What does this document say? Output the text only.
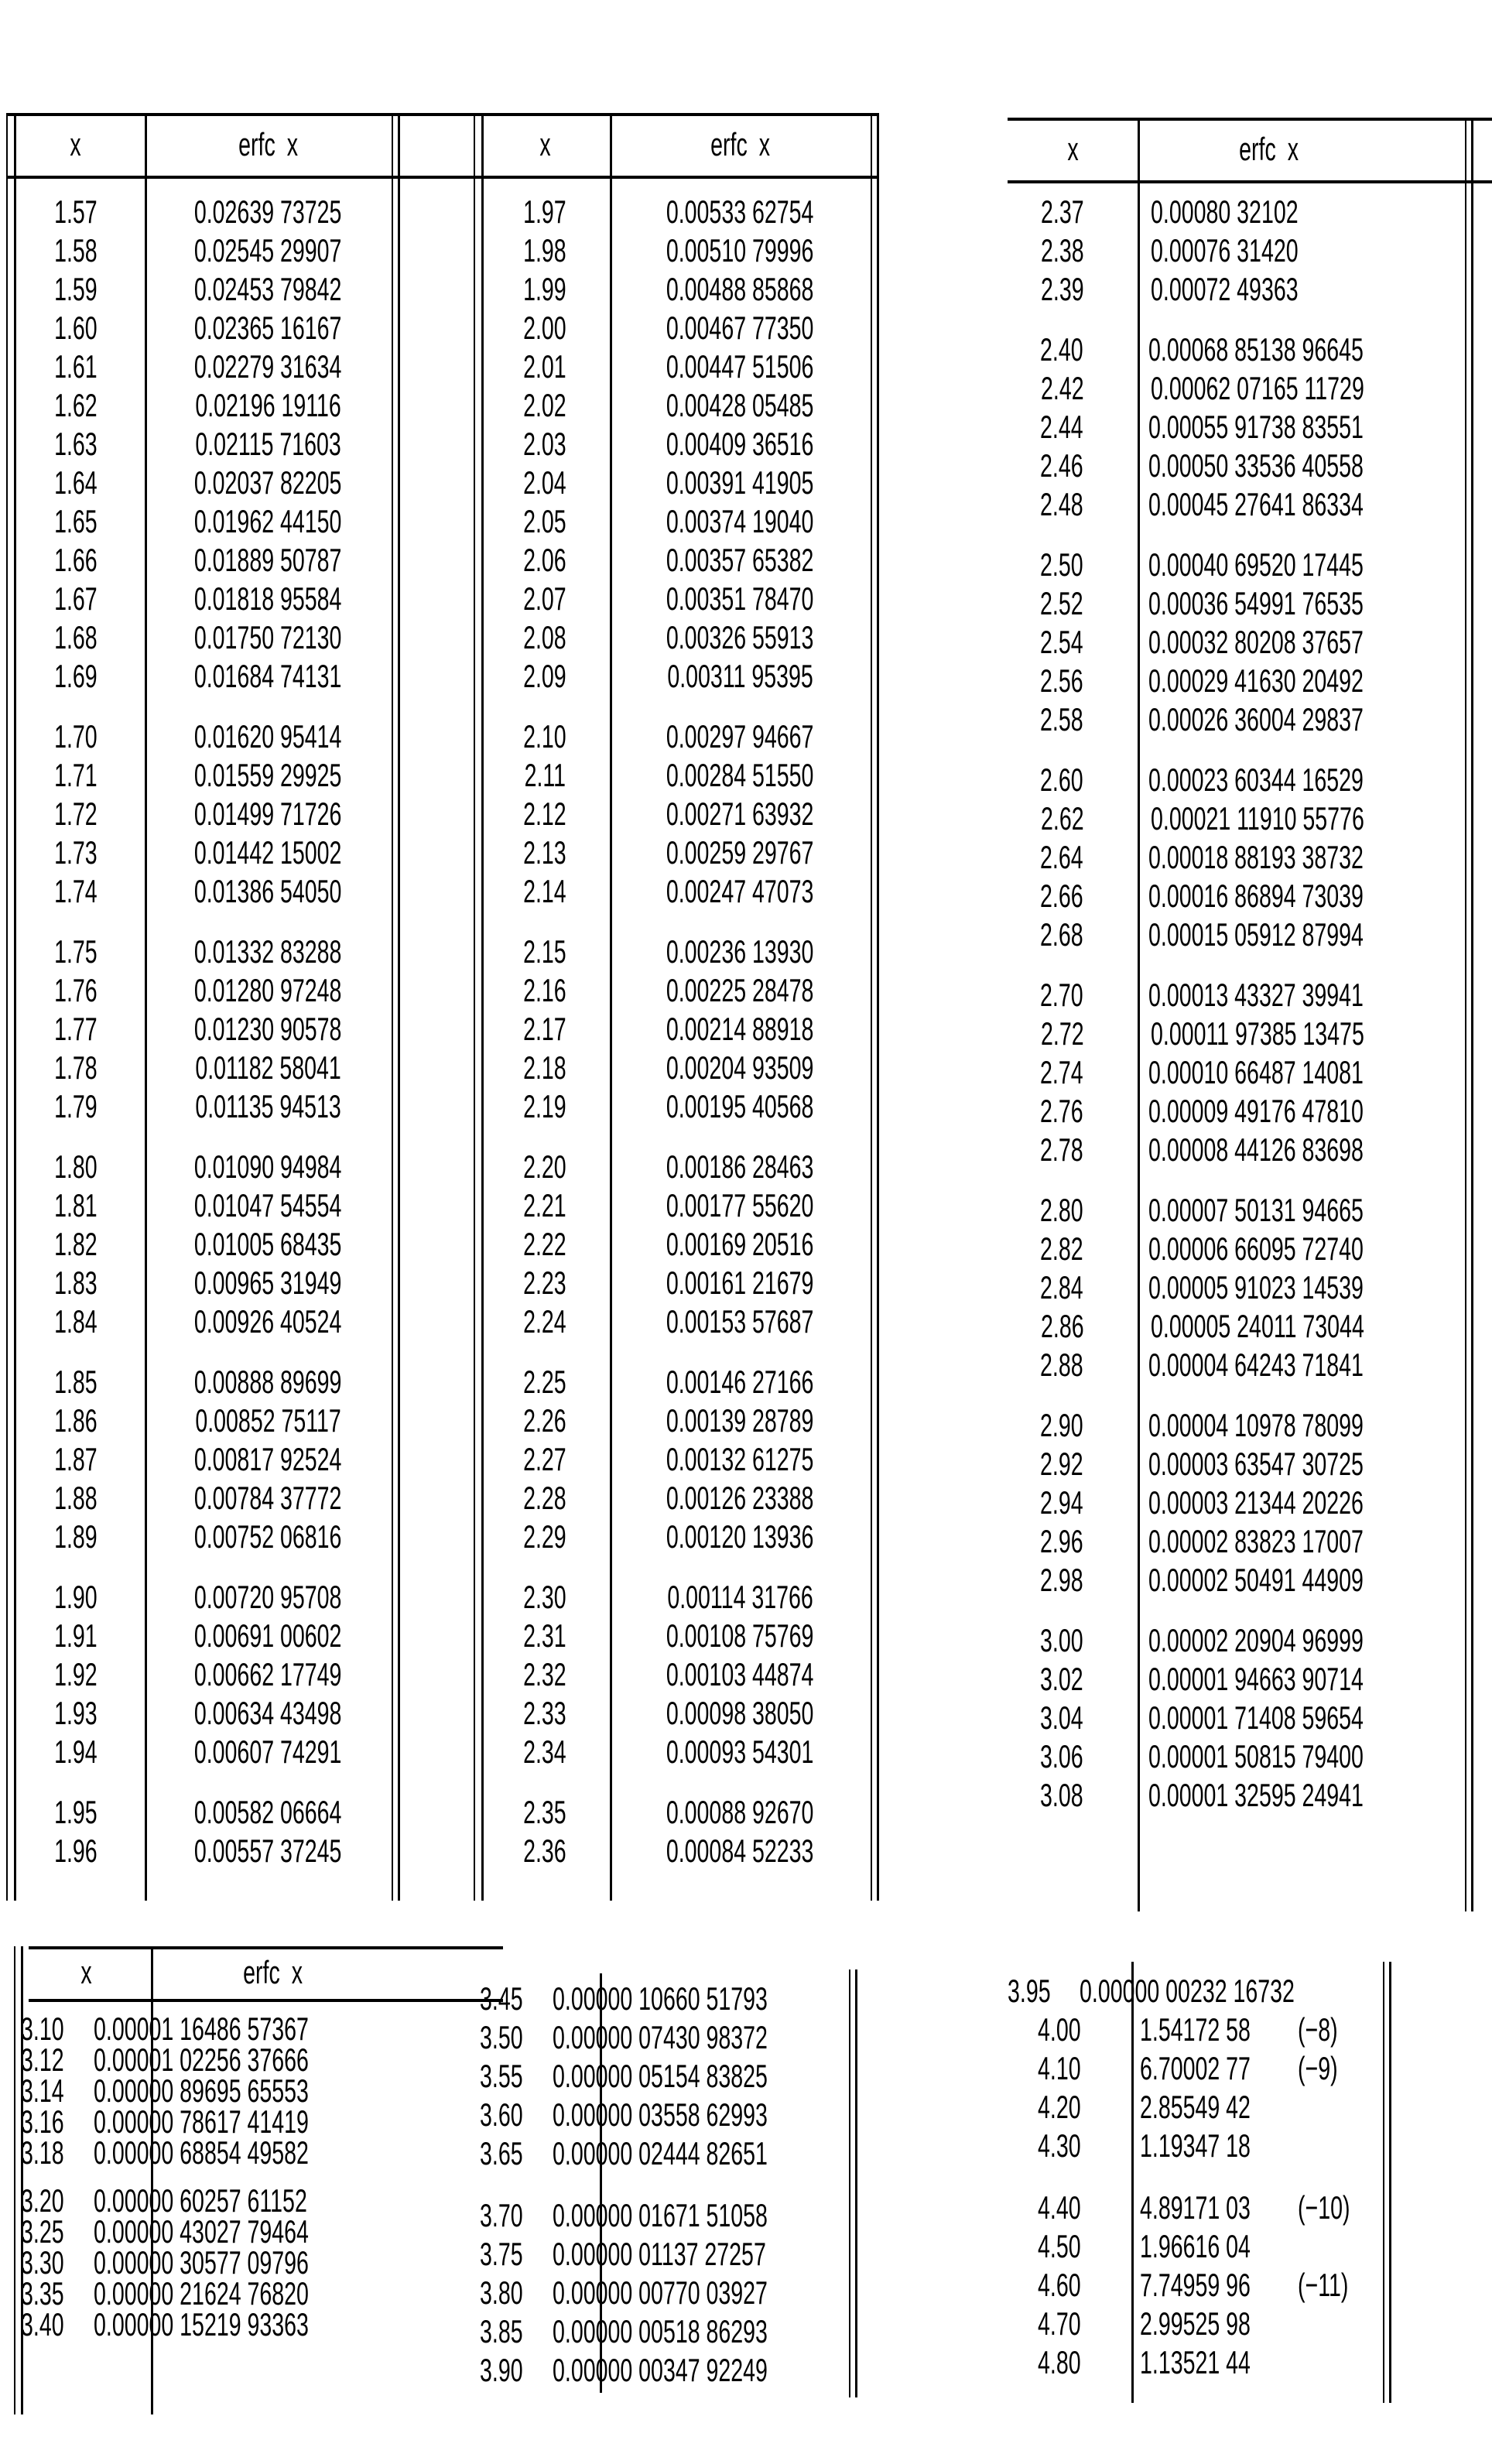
x	erfc x	x	erfc x	x	erfc x
x	erfc x
1.57	0.02639 73725
1.58	0.02545 29907
1.59	0.02453 79842
1.60	0.02365 16167
1.61	0.02279 31634
1.62	0.02196 19116
1.63	0.02115 71603
1.64	0.02037 82205
1.65	0.01962 44150
1.66	0.01889 50787
1.67	0.01818 95584
1.68	0.01750 72130
1.69	0.01684 74131
1.70	0.01620 95414
1.71	0.01559 29925
1.72	0.01499 71726
1.73	0.01442 15002
1.74	0.01386 54050
1.75	0.01332 83288
1.76	0.01280 97248
1.77	0.01230 90578
1.78	0.01182 58041
1.79	0.01135 94513
1.80	0.01090 94984
1.81	0.01047 54554
1.82	0.01005 68435
1.83	0.00965 31949
1.84	0.00926 40524
1.85	0.00888 89699
1.86	0.00852 75117
1.87	0.00817 92524
1.88	0.00784 37772
1.89	0.00752 06816
1.90	0.00720 95708
1.91	0.00691 00602
1.92	0.00662 17749
1.93	0.00634 43498
1.94	0.00607 74291
1.95	0.00582 06664
1.96	0.00557 37245
1.97	0.00533 62754
1.98	0.00510 79996
1.99	0.00488 85868
2.00	0.00467 77350
2.01	0.00447 51506
2.02	0.00428 05485
2.03	0.00409 36516
2.04	0.00391 41905
2.05	0.00374 19040
2.06	0.00357 65382
2.07	0.00351 78470
2.08	0.00326 55913
2.09	0.00311 95395
2.10	0.00297 94667
2.11	0.00284 51550
2.12	0.00271 63932
2.13	0.00259 29767
2.14	0.00247 47073
2.15	0.00236 13930
2.16	0.00225 28478
2.17	0.00214 88918
2.18	0.00204 93509
2.19	0.00195 40568
2.20	0.00186 28463
2.21	0.00177 55620
2.22	0.00169 20516
2.23	0.00161 21679
2.24	0.00153 57687
2.25	0.00146 27166
2.26	0.00139 28789
2.27	0.00132 61275
2.28	0.00126 23388
2.29	0.00120 13936
2.30	0.00114 31766
2.31	0.00108 75769
2.32	0.00103 44874
2.33	0.00098 38050
2.34	0.00093 54301
2.35	0.00088 92670
2.36	0.00084 52233
2.37 0.00080 32102
2.38 0.00076 31420
2.39 0.00072 49363
2.40 0.00068 85138 96645
2.42 0.00062 07165 11729
2.44 0.00055 91738 83551
2.46 0.00050 33536 40558
2.48 0.00045 27641 86334
2.50 0.00040 69520 17445
2.52 0.00036 54991 76535
2.54 0.00032 80208 37657
2.56 0.00029 41630 20492
2.58 0.00026 36004 29837
2.60 0.00023 60344 16529
2.62 0.00021 11910 55776
2.64 0.00018 88193 38732
2.66 0.00016 86894 73039
2.68 0.00015 05912 87994
2.70 0.00013 43327 39941
2.72 0.00011 97385 13475
2.74 0.00010 66487 14081
2.76 0.00009 49176 47810
2.78 0.00008 44126 83698
2.80 0.00007 50131 94665
2.82 0.00006 66095 72740
2.84 0.00005 91023 14539
2.86 0.00005 24011 73044
2.88 0.00004 64243 71841
2.90 0.00004 10978 78099
2.92 0.00003 63547 30725
2.94 0.00003 21344 20226
2.96 0.00002 83823 17007
2.98 0.00002 50491 44909
3.00 0.00002 20904 96999
3.02 0.00001 94663 90714
3.04 0.00001 71408 59654
3.06 0.00001 50815 79400
3.08 0.00001 32595 24941
3.10 0.00001 16486 57367
3.12 0.00001 02256 37666
3.14 0.00000 89695 65553
3.16 0.00000 78617 41419
3.18 0.00000 68854 49582
3.20 0.00000 60257 61152
3.25 0.00000 43027 79464
3.30 0.00000 30577 09796
3.35 0.00000 21624 76820
3.40 0.00000 15219 93363
3.45 0.00000 10660 51793
3.50 0.00000 07430 98372
3.55 0.00000 05154 83825
3.60 0.00000 03558 62993
3.65 0.00000 02444 82651
3.70 0.00000 01671 51058
3.75 0.00000 01137 27257
3.80 0.00000 00770 03927
3.85 0.00000 00518 86293
3.90 0.00000 00347 92249
3.95 0.00000 00232 16732
4.00 1.54172 58 (−8)
4.10 6.70002 77 (−9)
4.20 2.85549 42
4.30 1.19347 18
4.40 4.89171 03 (−10)
4.50 1.96616 04
4.60 7.74959 96 (−11)
4.70 2.99525 98
4.80 1.13521 44
